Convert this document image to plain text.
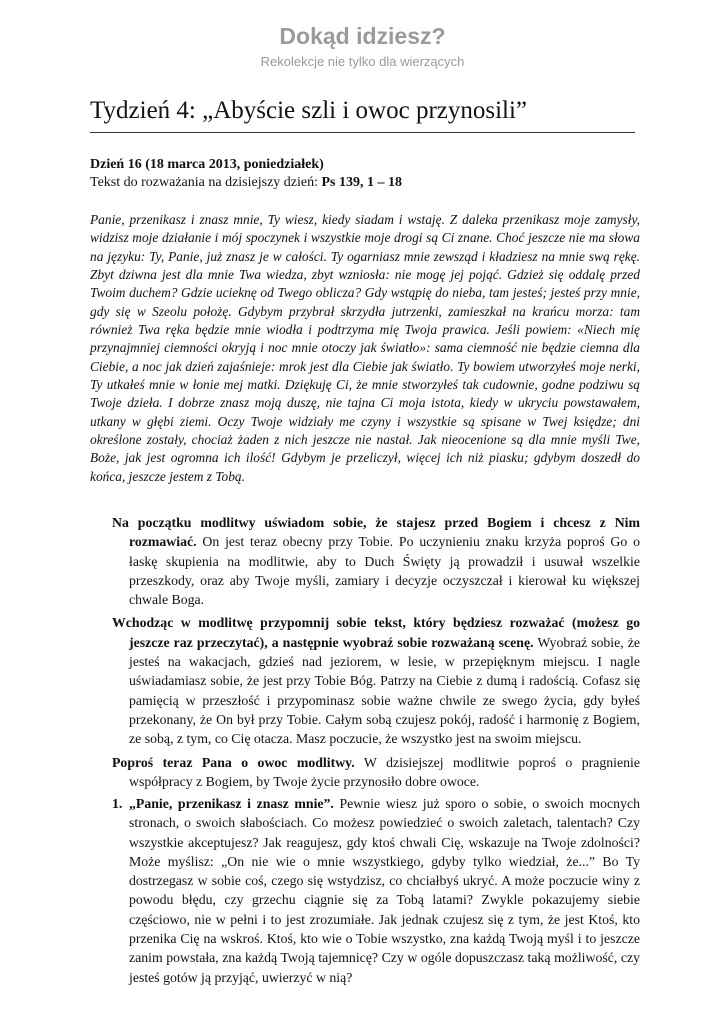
Dokąd idziesz?
Rekolekcje nie tylko dla wierzących
Tydzień 4: „Abyście szli i owoc przynosili”
Dzień 16 (18 marca 2013, poniedziałek)
Tekst do rozważania na dzisiejszy dzień: Ps 139, 1 – 18

Panie, przenikasz i znasz mnie, Ty wiesz, kiedy siadam i wstaję. Z daleka przenikasz moje zamysły, widzisz moje działanie i mój spoczynek i wszystkie moje drogi są Ci znane. Choć jeszcze nie ma słowa na języku: Ty, Panie, już znasz je w całości. Ty ogarniasz mnie zewsząd i kładziesz na mnie swą rękę. Zbyt dziwna jest dla mnie Twa wiedza, zbyt wzniosła: nie mogę jej pojąć. Gdzież się oddalę przed Twoim duchem? Gdzie ucieknę od Twego oblicza? Gdy wstąpię do nieba, tam jesteś; jesteś przy mnie, gdy się w Szeolu położę. Gdybym przybrał skrzydła jutrzenki, zamieszkał na krańcu morza: tam również Twa ręka będzie mnie wiodła i podtrzyma mię Twoja prawica. Jeśli powiem: «Niech mię przynajmniej ciemności okryją i noc mnie otoczy jak światło»: sama ciemność nie będzie ciemna dla Ciebie, a noc jak dzień zajaśnieje: mrok jest dla Ciebie jak światło. Ty bowiem utworzyłeś moje nerki, Ty utkałeś mnie w łonie mej matki. Dziękuję Ci, że mnie stworzyłeś tak cudownie, godne podziwu są Twoje dzieła. I dobrze znasz moją duszę, nie tajna Ci moja istota, kiedy w ukryciu powstawałem, utkany w głębi ziemi. Oczy Twoje widziały me czyny i wszystkie są spisane w Twej księdze; dni określone zostały, chociaż żaden z nich jeszcze nie nastał. Jak nieocenione są dla mnie myśli Twe, Boże, jak jest ogromna ich ilość! Gdybym je przeliczył, więcej ich niż piasku; gdybym doszedł do końca, jeszcze jestem z Tobą.

Na początku modlitwy uświadom sobie, że stajesz przed Bogiem i chcesz z Nim rozmawiać. On jest teraz obecny przy Tobie. Po uczynieniu znaku krzyża poproś Go o łaskę skupienia na modlitwie, aby to Duch Święty ją prowadził i usuwał wszelkie przeszkody, oraz aby Twoje myśli, zamiary i decyzje oczyszczał i kierował ku większej chwale Boga.

Wchodząc w modlitwę przypomnij sobie tekst, który będziesz rozważać (możesz go jeszcze raz przeczytać), a następnie wyobraź sobie rozważaną scenę. Wyobraź sobie, że jesteś na wakacjach, gdzieś nad jeziorem, w lesie, w przepięknym miejscu. I nagle uświadamiasz sobie, że jest przy Tobie Bóg. Patrzy na Ciebie z dumą i radością. Cofasz się pamięcią w przeszłość i przypominasz sobie ważne chwile ze swego życia, gdy byłeś przekonany, że On był przy Tobie. Całym sobą czujesz pokój, radość i harmonię z Bogiem, ze sobą, z tym, co Cię otacza. Masz poczucie, że wszystko jest na swoim miejscu.

Poproś teraz Pana o owoc modlitwy. W dzisiejszej modlitwie poproś o pragnienie współpracy z Bogiem, by Twoje życie przynosiło dobre owoce.

1. „Panie, przenikasz i znasz mnie”. Pewnie wiesz już sporo o sobie, o swoich mocnych stronach, o swoich słabościach. Co możesz powiedzieć o swoich zaletach, talentach? Czy wszystkie akceptujesz? Jak reagujesz, gdy ktoś chwali Cię, wskazuje na Twoje zdolności? Może myślisz: „On nie wie o mnie wszystkiego, gdyby tylko wiedział, że...” Bo Ty dostrzegasz w sobie coś, czego się wstydzisz, co chciałbyś ukryć. A może poczucie winy z powodu błędu, czy grzechu ciągnie się za Tobą latami? Zwykle pokazujemy siebie częściowo, nie w pełni i to jest zrozumiałe. Jak jednak czujesz się z tym, że jest Ktoś, kto przenika Cię na wskroś. Ktoś, kto wie o Tobie wszystko, zna każdą Twoją myśl i to jeszcze zanim powstała, zna każdą Twoją tajemnicę? Czy w ogóle dopuszczasz taką możliwość, czy jesteś gotów ją przyjąć, uwierzyć w nią?
